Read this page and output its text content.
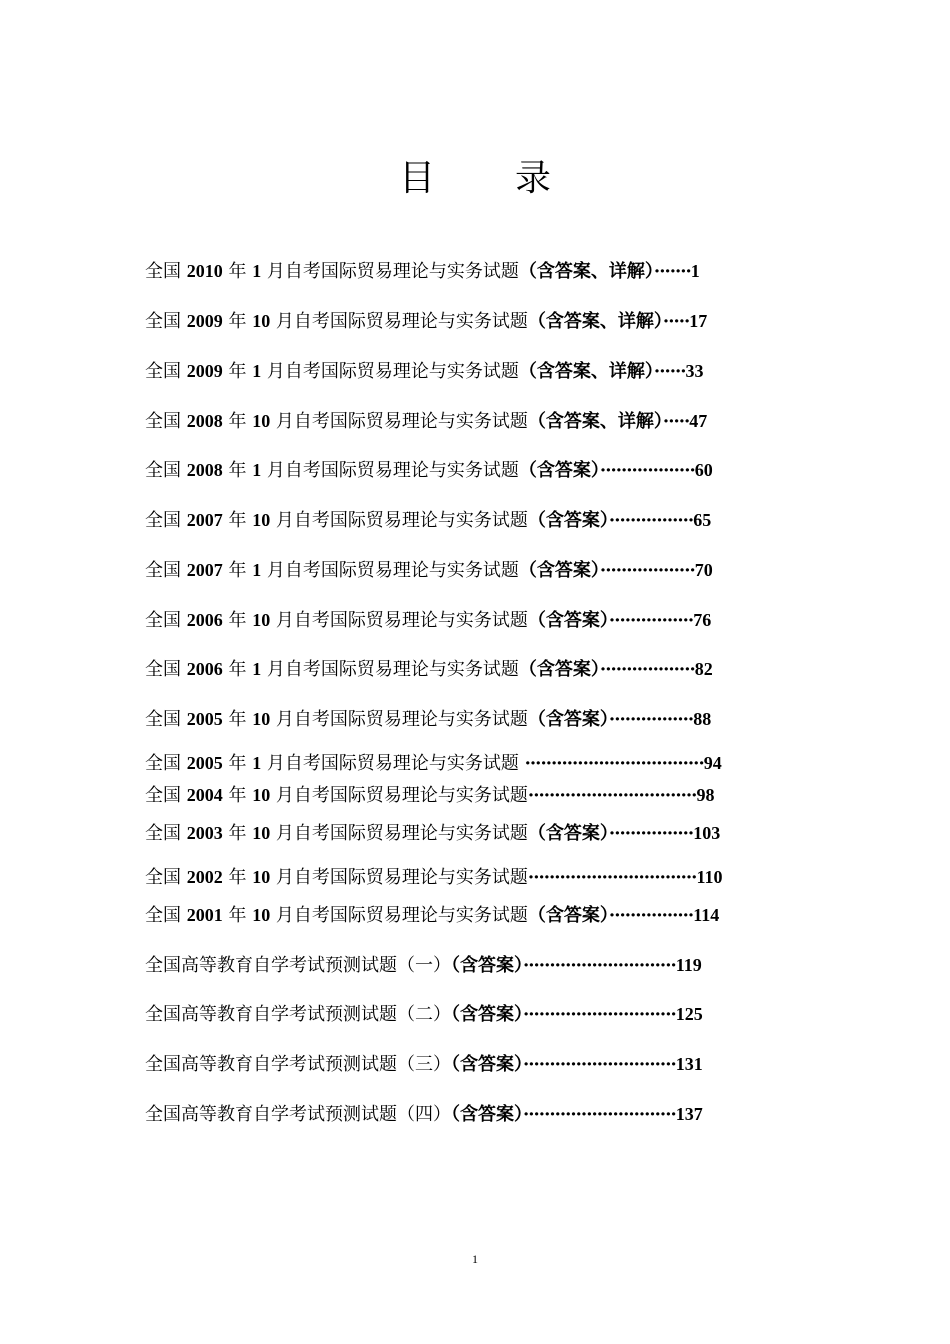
目 录
全国 2010 年 1 月自考国际贸易理论与实务试题（含答案、详解）·······1
全国 2009 年 10 月自考国际贸易理论与实务试题（含答案、详解）·····17
全国 2009 年 1 月自考国际贸易理论与实务试题（含答案、详解）······33
全国 2008 年 10 月自考国际贸易理论与实务试题（含答案、详解）·····47
全国 2008 年 1 月自考国际贸易理论与实务试题（含答案）··················60
全国 2007 年 10 月自考国际贸易理论与实务试题（含答案）················65
全国 2007 年 1 月自考国际贸易理论与实务试题（含答案）··················70
全国 2006 年 10 月自考国际贸易理论与实务试题（含答案）················76
全国 2006 年 1 月自考国际贸易理论与实务试题（含答案）··················82
全国 2005 年 10 月自考国际贸易理论与实务试题（含答案）················88
全国 2005 年 1 月自考国际贸易理论与实务试题 ··································94
全国 2004 年 10 月自考国际贸易理论与实务试题································98
全国 2003 年 10 月自考国际贸易理论与实务试题（含答案）················103
全国 2002 年 10 月自考国际贸易理论与实务试题································110
全国 2001 年 10 月自考国际贸易理论与实务试题（含答案）················114
全国高等教育自学考试预测试题（一）（含答案）·····························119
全国高等教育自学考试预测试题（二）（含答案）·····························125
全国高等教育自学考试预测试题（三）（含答案）·····························131
全国高等教育自学考试预测试题（四）（含答案）·····························137
1
